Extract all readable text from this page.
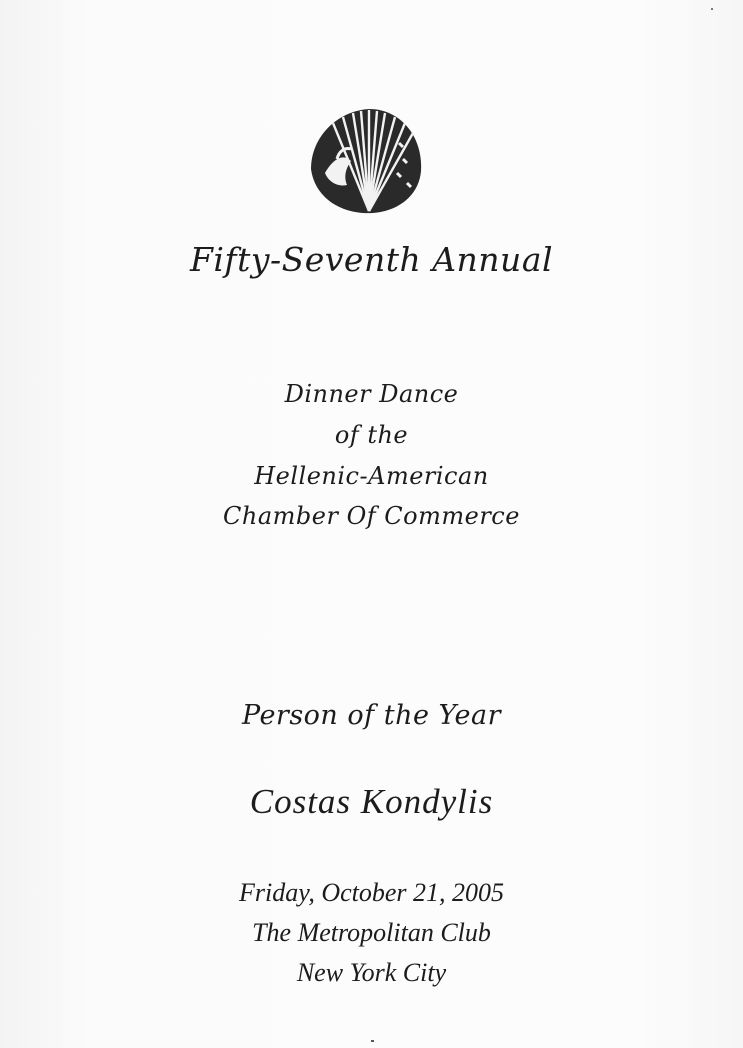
Fifty-Seventh Annual

Dinner Dance

of the

Hellenic-American

Chamber Of Commerce

Person of the Year

Costas Kondylis

Friday, October 21, 2005

The Metropolitan Club

New York City
